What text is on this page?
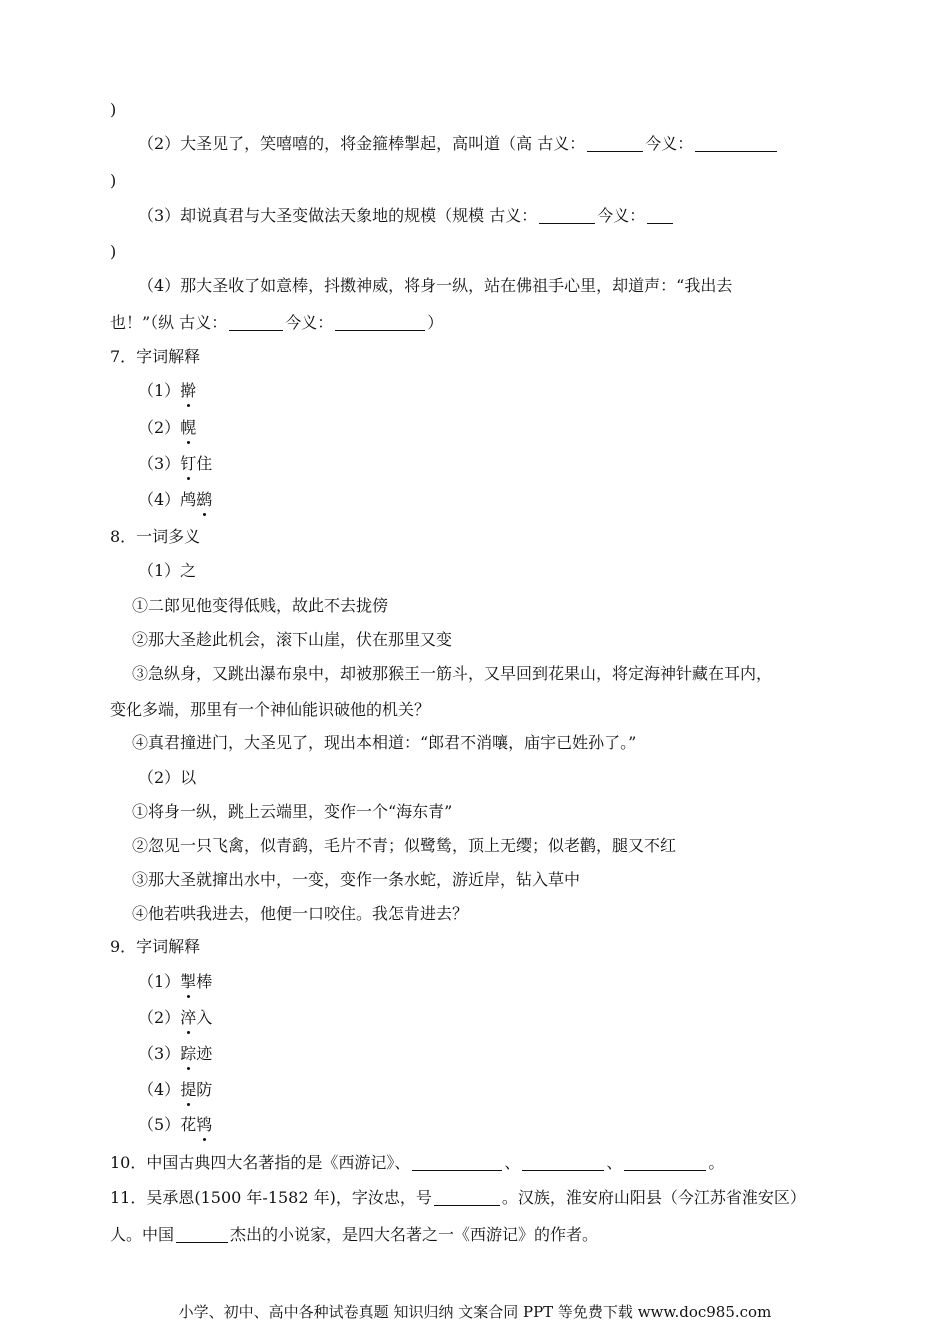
)
（2）大圣见了，笑嘻嘻的，将金箍棒掣起，高叫道（高 古义：	今义：
)
（3）却说真君与大圣变做法天象地的规模（规模 古义：	今义：
)
（4）那大圣收了如意棒，抖擞神威，将身一纵，站在佛祖手心里，却道声：“我出去
也！”（纵 古义：	今义：	）
7．字词解释
（1）擀
（2）幌
（3）钉住
（4）鸬鹚
8．一词多义
（1）之
①二郎见他变得低贱，故此不去拢傍
②那大圣趁此机会，滚下山崖，伏在那里又变
③急纵身，又跳出瀑布泉中，却被那猴王一筋斗，又早回到花果山，将定海神针藏在耳内，
变化多端，那里有一个神仙能识破他的机关？
④真君撞进门，大圣见了，现出本相道：“郎君不消嚷，庙宇已姓孙了。”
（2）以
①将身一纵，跳上云端里，变作一个“海东青”
②忽见一只飞禽，似青鹞，毛片不青；似鹭鸶，顶上无缨；似老鹳，腿又不红
③那大圣就撺出水中，一变，变作一条水蛇，游近岸，钻入草中
④他若哄我进去，他便一口咬住。我怎肯进去？
9．字词解释
（1）掣棒
（2）淬入
（3）踪迹
（4）提防
（5）花鸨
10．中国古典四大名著指的是《西游记》、	、	、	。
11．吴承恩(1500 年-1582 年)，字汝忠，号	。汉族，淮安府山阳县（今江苏省淮安区）
人。中国	杰出的小说家，是四大名著之一《西游记》的作者。
小学、初中、高中各种试卷真题 知识归纳 文案合同 PPT 等免费下载 www.doc985.com
